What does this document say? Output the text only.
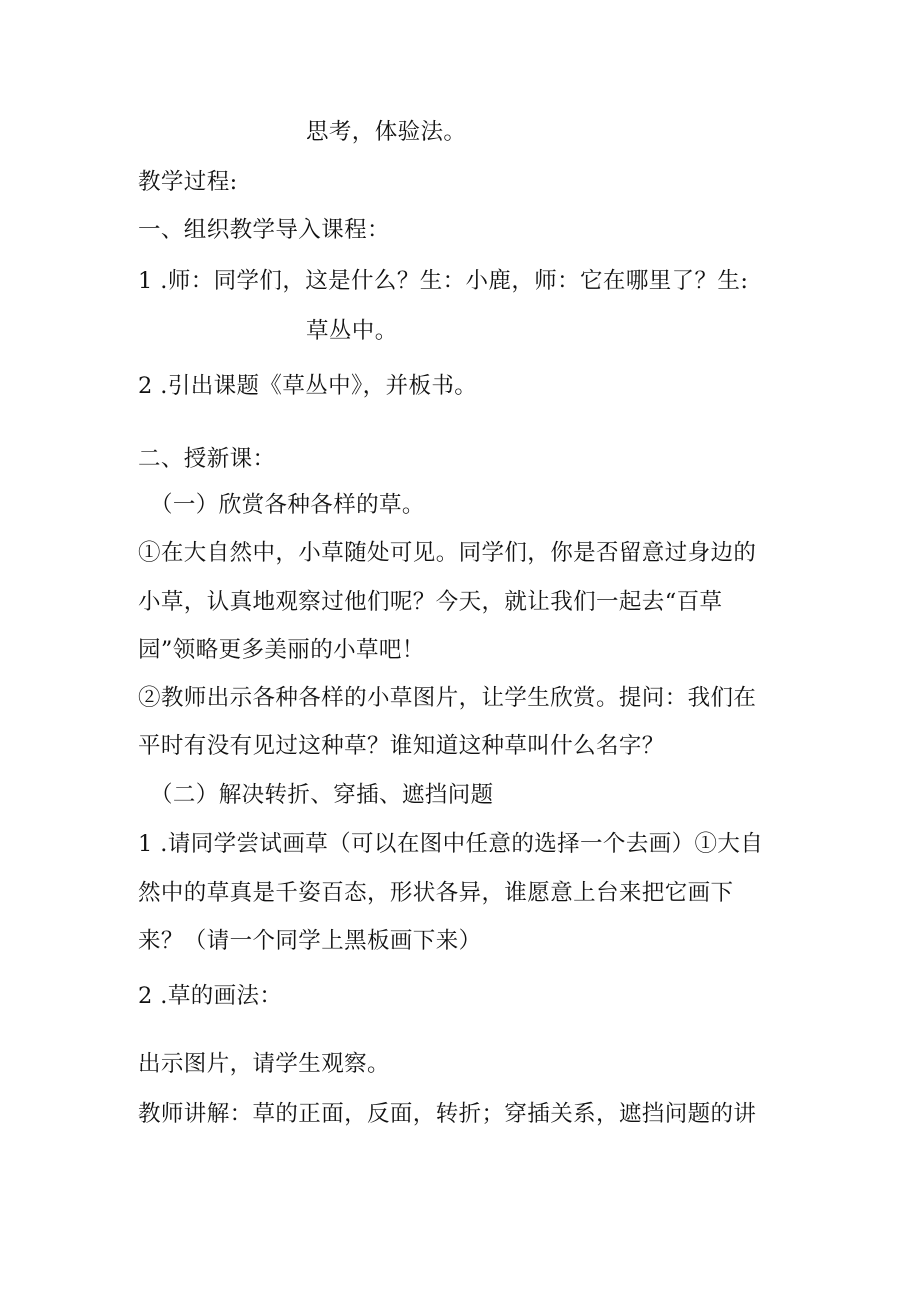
思考，体验法。
教学过程:
一、组织教学导入课程：
1 .师：同学们，这是什么？生：小鹿，师：它在哪里了？生:
草丛中。
2 .引出课题《草丛中》，并板书。
二、授新课：
（一）欣赏各种各样的草。
①在大自然中，小草随处可见。同学们，你是否留意过身边的
小草，认真地观察过他们呢？今天，就让我们一起去“百草
园”领略更多美丽的小草吧！
②教师出示各种各样的小草图片，让学生欣赏。提问：我们在
平时有没有见过这种草？谁知道这种草叫什么名字？
（二）解决转折、穿插、遮挡问题
1 .请同学尝试画草（可以在图中任意的选择一个去画）①大自
然中的草真是千姿百态，形状各异，谁愿意上台来把它画下
来？（请一个同学上黑板画下来）
2 .草的画法：
出示图片，请学生观察。
教师讲解：草的正面，反面，转折；穿插关系，遮挡问题的讲
